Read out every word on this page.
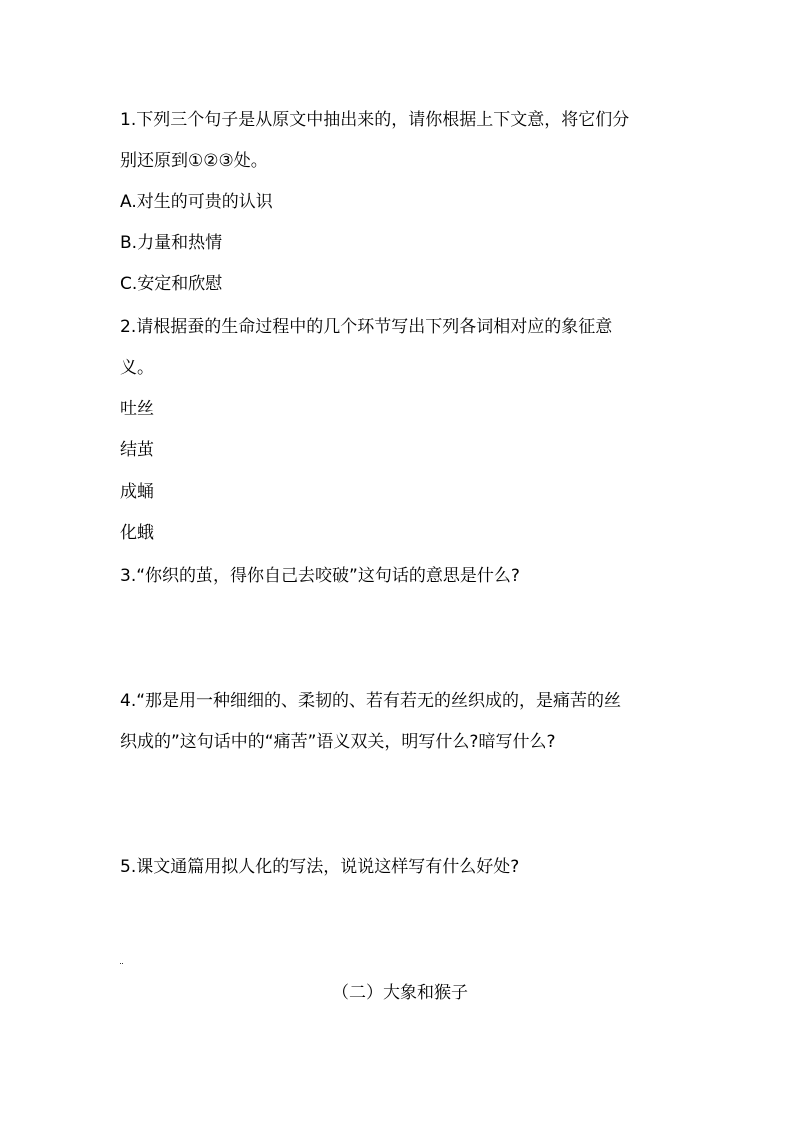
1.下列三个句子是从原文中抽出来的，请你根据上下文意，将它们分

别还原到①②③处。

A.对生的可贵的认识

B.力量和热情

C.安定和欣慰

2.请根据蚕的生命过程中的几个环节写出下列各词相对应的象征意

义。

吐丝

结茧

成蛹

化蛾

3.“你织的茧，得你自己去咬破”这句话的意思是什么?

4.“那是用一种细细的、柔韧的、若有若无的丝织成的，是痛苦的丝

织成的”这句话中的“痛苦”语义双关，明写什么?暗写什么?

5.课文通篇用拟人化的写法，说说这样写有什么好处?

（二）大象和猴子
